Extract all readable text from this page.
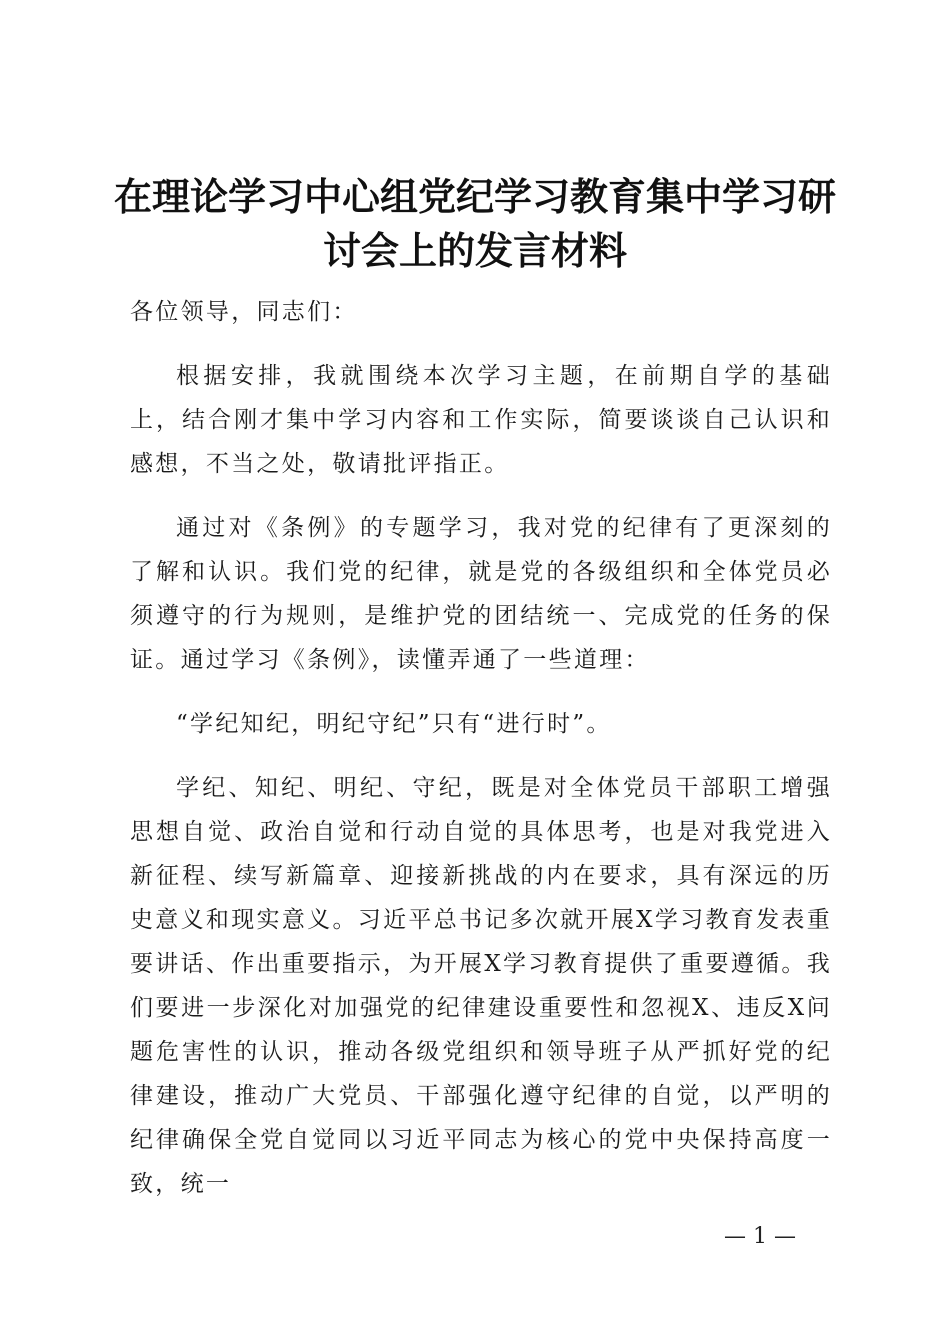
在理论学习中心组党纪学习教育集中学习研讨会上的发言材料

各位领导，同志们：

根据安排，我就围绕本次学习主题，在前期自学的基础上，结合刚才集中学习内容和工作实际，简要谈谈自己认识和感想，不当之处，敬请批评指正。

通过对《条例》的专题学习，我对党的纪律有了更深刻的了解和认识。我们党的纪律，就是党的各级组织和全体党员必须遵守的行为规则，是维护党的团结统一、完成党的任务的保证。通过学习《条例》，读懂弄通了一些道理：

“学纪知纪，明纪守纪”只有“进行时”。

学纪、知纪、明纪、守纪，既是对全体党员干部职工增强思想自觉、政治自觉和行动自觉的具体思考，也是对我党进入新征程、续写新篇章、迎接新挑战的内在要求，具有深远的历史意义和现实意义。习近平总书记多次就开展X学习教育发表重要讲话、作出重要指示，为开展X学习教育提供了重要遵循。我们要进一步深化对加强党的纪律建设重要性和忽视X、违反X问题危害性的认识，推动各级党组织和领导班子从严抓好党的纪律建设，推动广大党员、干部强化遵守纪律的自觉，以严明的纪律确保全党自觉同以习近平同志为核心的党中央保持高度一致，统一

— 1 —
